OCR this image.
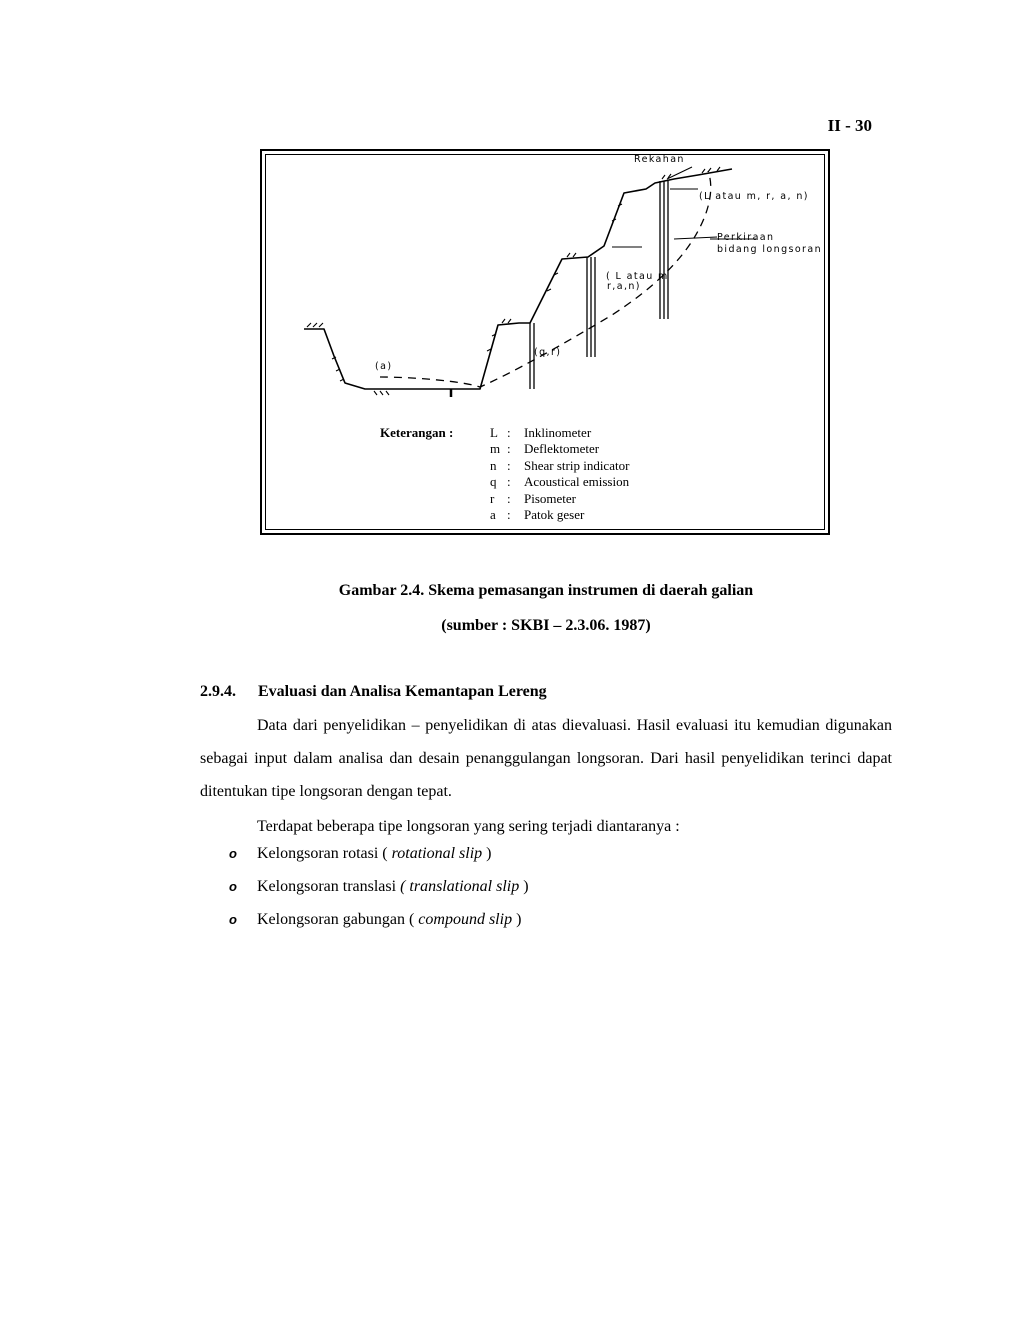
II - 30
Rekahan
(L atau m, r, a, n)
Perkiraan
bidang longsoran
( L atau m
r,a,n)
(q,r)
(a)
Keterangan :	L : Inklinometer
m : Deflektometer
n : Shear strip indicator
q : Acoustical emission
r : Pisometer
a : Patok geser
Gambar 2.4. Skema pemasangan instrumen di daerah galian
(sumber : SKBI – 2.3.06. 1987)
2.9.4. Evaluasi dan Analisa Kemantapan Lereng

Data dari penyelidikan – penyelidikan di atas dievaluasi. Hasil evaluasi itu kemudian digunakan sebagai input dalam analisa dan desain penanggulangan longsoran. Dari hasil penyelidikan terinci dapat ditentukan tipe longsoran dengan tepat.

Terdapat beberapa tipe longsoran yang sering terjadi diantaranya :

o Kelongsoran rotasi ( rotational slip )
o Kelongsoran translasi ( translational slip )
o Kelongsoran gabungan ( compound slip )
